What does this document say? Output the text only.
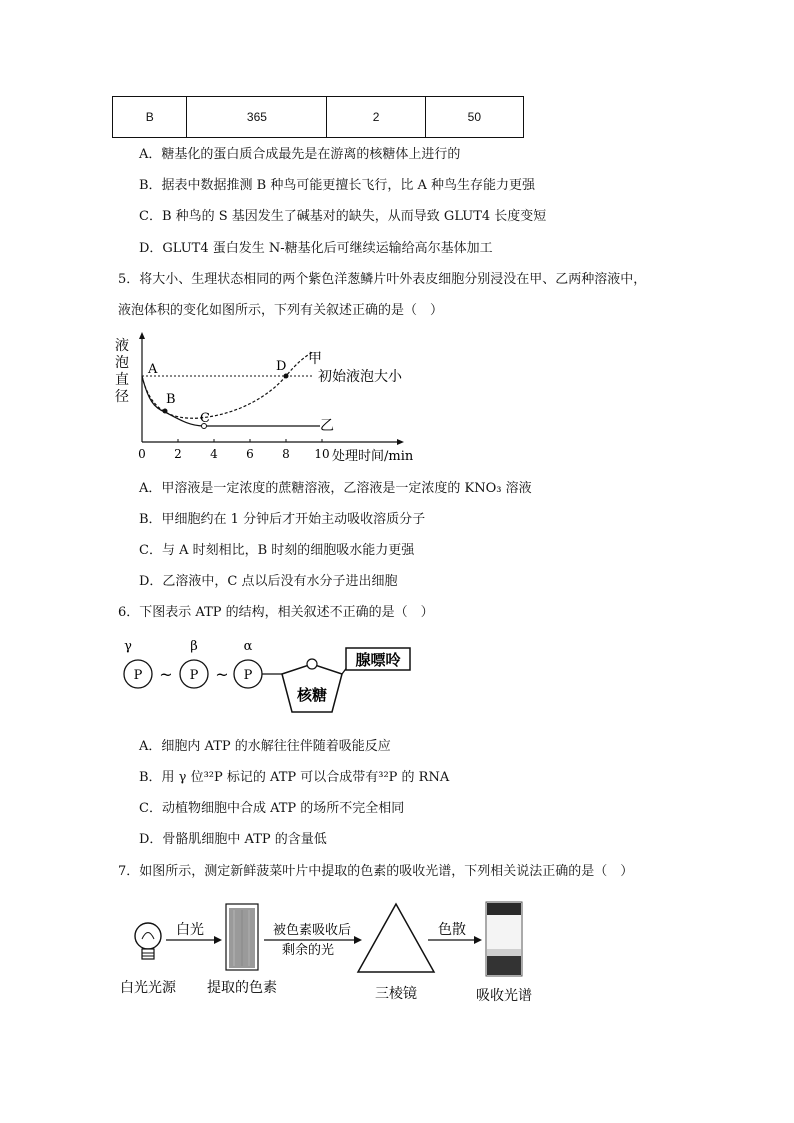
B	365	2	50
A．糖基化的蛋白质合成最先是在游离的核糖体上进行的
B．据表中数据推测 B 种鸟可能更擅长飞行，比 A 种鸟生存能力更强
C．B 种鸟的 S 基因发生了碱基对的缺失，从而导致 GLUT4 长度变短
D．GLUT4 蛋白发生 N-糖基化后可继续运输给高尔基体加工
5．将大小、生理状态相同的两个紫色洋葱鳞片叶外表皮细胞分别浸没在甲、乙两种溶液中，
液泡体积的变化如图所示，下列有关叙述正确的是（　）
液
泡
直
径
0 2 4 6 8 10 处理时间/min
初始液泡大小
甲
乙
A
B
C
D
A．甲溶液是一定浓度的蔗糖溶液，乙溶液是一定浓度的 KNO₃ 溶液
B．甲细胞约在 1 分钟后才开始主动吸收溶质分子
C．与 A 时刻相比，B 时刻的细胞吸水能力更强
D．乙溶液中，C 点以后没有水分子进出细胞
6．下图表示 ATP 的结构，相关叙述不正确的是（　）
γ	β	α
P ~ P ~ P
核糖
腺嘌呤
A．细胞内 ATP 的水解往往伴随着吸能反应
B．用 γ 位³²P 标记的 ATP 可以合成带有³²P 的 RNA
C．动植物细胞中合成 ATP 的场所不完全相同
D．骨骼肌细胞中 ATP 的含量低
7．如图所示，测定新鲜菠菜叶片中提取的色素的吸收光谱，下列相关说法正确的是（　）
白光光源
白光
提取的色素
被色素吸收后
剩余的光
三棱镜
色散
吸收光谱
